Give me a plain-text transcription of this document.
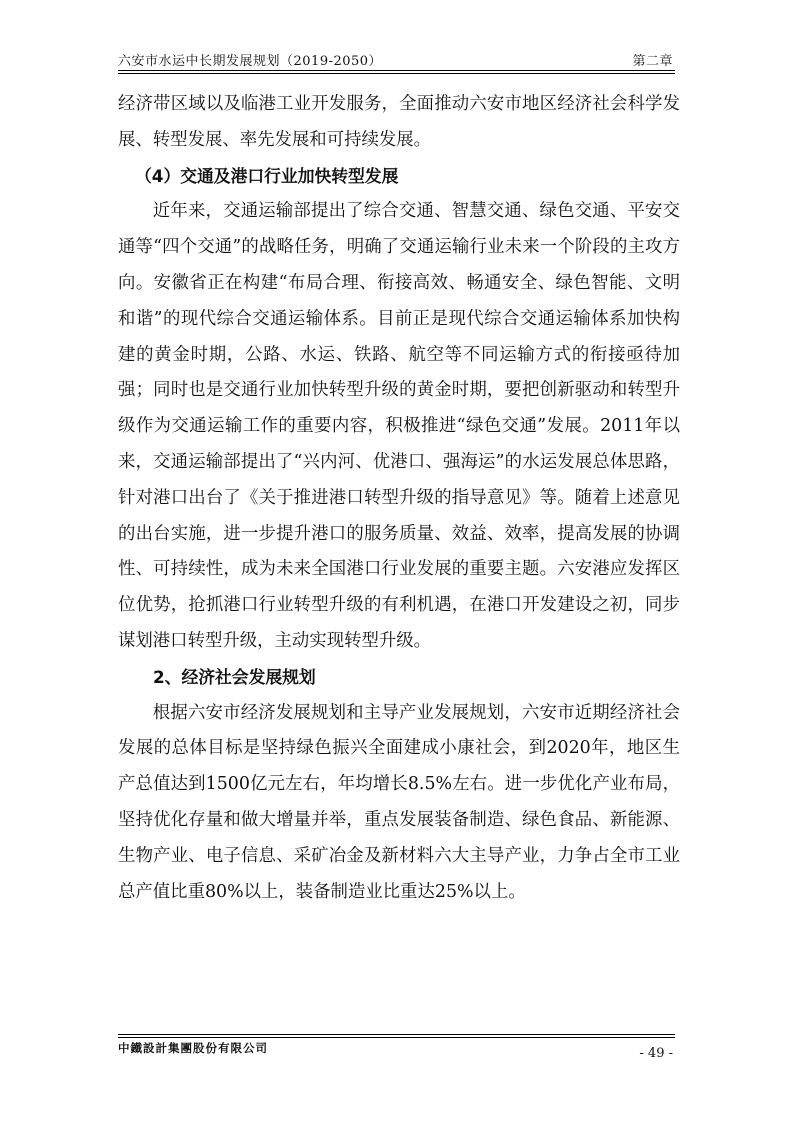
六安市水运中长期发展规划（2019-2050）	第二章

经济带区域以及临港工业开发服务，全面推动六安市地区经济社会科学发展、转型发展、率先发展和可持续发展。

（4）交通及港口行业加快转型发展

近年来，交通运输部提出了综合交通、智慧交通、绿色交通、平安交通等“四个交通”的战略任务，明确了交通运输行业未来一个阶段的主攻方向。安徽省正在构建“布局合理、衔接高效、畅通安全、绿色智能、文明和谐”的现代综合交通运输体系。目前正是现代综合交通运输体系加快构建的黄金时期，公路、水运、铁路、航空等不同运输方式的衔接亟待加强；同时也是交通行业加快转型升级的黄金时期，要把创新驱动和转型升级作为交通运输工作的重要内容，积极推进“绿色交通”发展。2011年以来，交通运输部提出了“兴内河、优港口、强海运”的水运发展总体思路，针对港口出台了《关于推进港口转型升级的指导意见》等。随着上述意见的出台实施，进一步提升港口的服务质量、效益、效率，提高发展的协调性、可持续性，成为未来全国港口行业发展的重要主题。六安港应发挥区位优势，抢抓港口行业转型升级的有利机遇，在港口开发建设之初，同步谋划港口转型升级，主动实现转型升级。

2、经济社会发展规划

根据六安市经济发展规划和主导产业发展规划，六安市近期经济社会发展的总体目标是坚持绿色振兴全面建成小康社会，到2020年，地区生产总值达到1500亿元左右，年均增长8.5%左右。进一步优化产业布局，坚持优化存量和做大增量并举，重点发展装备制造、绿色食品、新能源、生物产业、电子信息、采矿冶金及新材料六大主导产业，力争占全市工业总产值比重80%以上，装备制造业比重达25%以上。

中鐵設計集團股份有限公司	- 49 -
